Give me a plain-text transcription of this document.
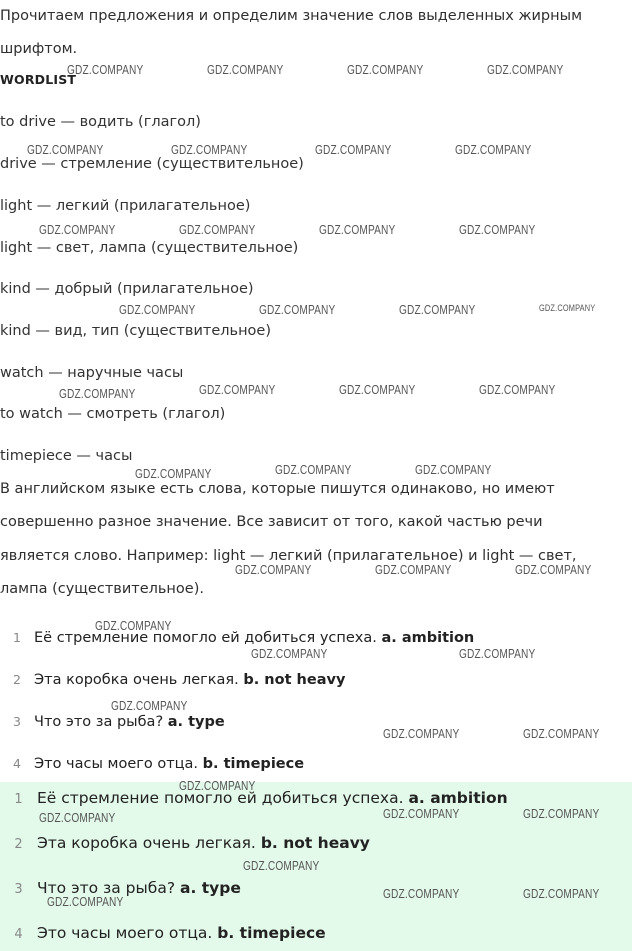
Прочитаем предложения и определим значение слов выделенных жирным

шрифтом.

WORDLIST
to drive — водить (глагол)
drive — стремление (существительное)
light — легкий (прилагательное)
light — свет, лампа (существительное)
kind — добрый (прилагательное)
kind — вид, тип (существительное)
watch — наручные часы
to watch — смотреть (глагол)
timepiece — часы

В английском языке есть слова, которые пишутся одинаково, но имеют

совершенно разное значение. Все зависит от того, какой частью речи

является слово. Например: light — легкий (прилагательное) и light — свет,

лампа (существительное).

1 Её стремление помогло ей добиться успеха. a. ambition
2 Эта коробка очень легкая. b. not heavy
3 Что это за рыба? a. type
4 Это часы моего отца. b. timepiece
1 Её стремление помогло ей добиться успеха. a. ambition
2 Эта коробка очень легкая. b. not heavy
3 Что это за рыба? a. type
4 Это часы моего отца. b. timepiece
GDZ.COMPANY	GDZ.COMPANY	GDZ.COMPANY	GDZ.COMPANY
GDZ.COMPANY	GDZ.COMPANY	GDZ.COMPANY	GDZ.COMPANY
GDZ.COMPANY	GDZ.COMPANY	GDZ.COMPANY	GDZ.COMPANY
GDZ.COMPANY	GDZ.COMPANY	GDZ.COMPANY	GDZ.COMPANY
GDZ.COMPANY	GDZ.COMPANY	GDZ.COMPANY	GDZ.COMPANY
GDZ.COMPANY	GDZ.COMPANY	GDZ.COMPANY
GDZ.COMPANY	GDZ.COMPANY	GDZ.COMPANY
GDZ.COMPANY
GDZ.COMPANY	GDZ.COMPANY
GDZ.COMPANY
GDZ.COMPANY	GDZ.COMPANY
GDZ.COMPANY
GDZ.COMPANY	GDZ.COMPANY	GDZ.COMPANY
GDZ.COMPANY
GDZ.COMPANY
GDZ.COMPANY	GDZ.COMPANY
